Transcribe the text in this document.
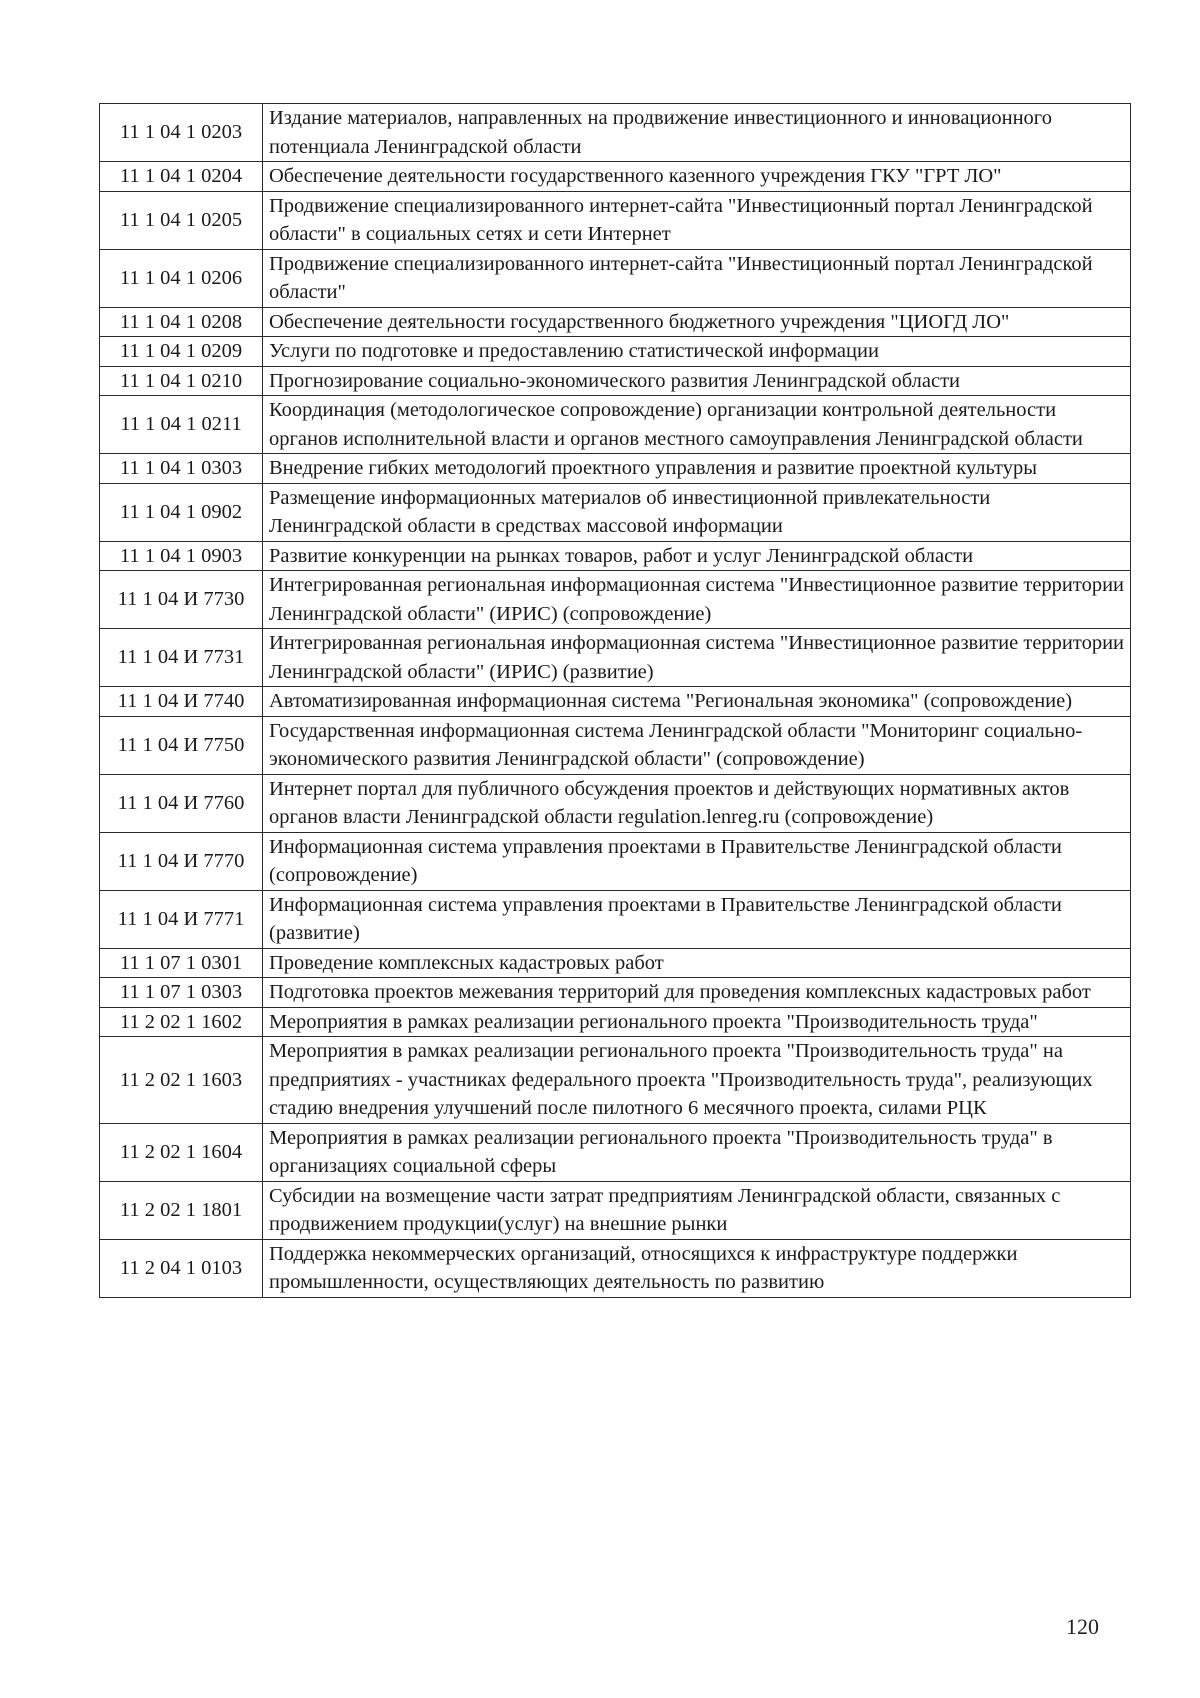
11 1 04 1 0203	Издание материалов, направленных на продвижение инвестиционного и инновационного потенциала Ленинградской области
11 1 04 1 0204	Обеспечение деятельности государственного казенного учреждения ГКУ "ГРТ ЛО"
11 1 04 1 0205	Продвижение специализированного интернет-сайта "Инвестиционный портал Ленинградской области" в социальных сетях и сети Интернет
11 1 04 1 0206	Продвижение специализированного интернет-сайта "Инвестиционный портал Ленинградской области"
11 1 04 1 0208	Обеспечение деятельности государственного бюджетного учреждения "ЦИОГД ЛО"
11 1 04 1 0209	Услуги по подготовке и предоставлению статистической информации
11 1 04 1 0210	Прогнозирование социально-экономического развития Ленинградской области
11 1 04 1 0211	Координация (методологическое сопровождение) организации контрольной деятельности органов исполнительной власти и органов местного самоуправления Ленинградской области
11 1 04 1 0303	Внедрение гибких методологий проектного управления и развитие проектной культуры
11 1 04 1 0902	Размещение информационных материалов об инвестиционной привлекательности Ленинградской области в средствах массовой информации
11 1 04 1 0903	Развитие конкуренции на рынках товаров, работ и услуг Ленинградской области
11 1 04 И 7730	Интегрированная региональная информационная система "Инвестиционное развитие территории Ленинградской области" (ИРИС) (сопровождение)
11 1 04 И 7731	Интегрированная региональная информационная система "Инвестиционное развитие территории Ленинградской области" (ИРИС) (развитие)
11 1 04 И 7740	Автоматизированная информационная система "Региональная экономика" (сопровождение)
11 1 04 И 7750	Государственная информационная система Ленинградской области "Мониторинг социально-экономического развития Ленинградской области" (сопровождение)
11 1 04 И 7760	Интернет портал для публичного обсуждения проектов и действующих нормативных актов органов власти Ленинградской области regulation.lenreg.ru (сопровождение)
11 1 04 И 7770	Информационная система управления проектами в Правительстве Ленинградской области (сопровождение)
11 1 04 И 7771	Информационная система управления проектами в Правительстве Ленинградской области (развитие)
11 1 07 1 0301	Проведение комплексных кадастровых работ
11 1 07 1 0303	Подготовка проектов межевания территорий для проведения комплексных кадастровых работ
11 2 02 1 1602	Мероприятия в рамках реализации регионального проекта "Производительность труда"
11 2 02 1 1603	Мероприятия в рамках реализации регионального проекта "Производительность труда" на предприятиях - участниках федерального проекта "Производительность труда", реализующих стадию внедрения улучшений после пилотного 6 месячного проекта, силами РЦК
11 2 02 1 1604	Мероприятия в рамках реализации регионального проекта "Производительность труда" в организациях социальной сферы
11 2 02 1 1801	Субсидии на возмещение части затрат предприятиям Ленинградской области, связанных с продвижением продукции(услуг) на внешние рынки
11 2 04 1 0103	Поддержка некоммерческих организаций, относящихся к инфраструктуре поддержки промышленности, осуществляющих деятельность по развитию
120
